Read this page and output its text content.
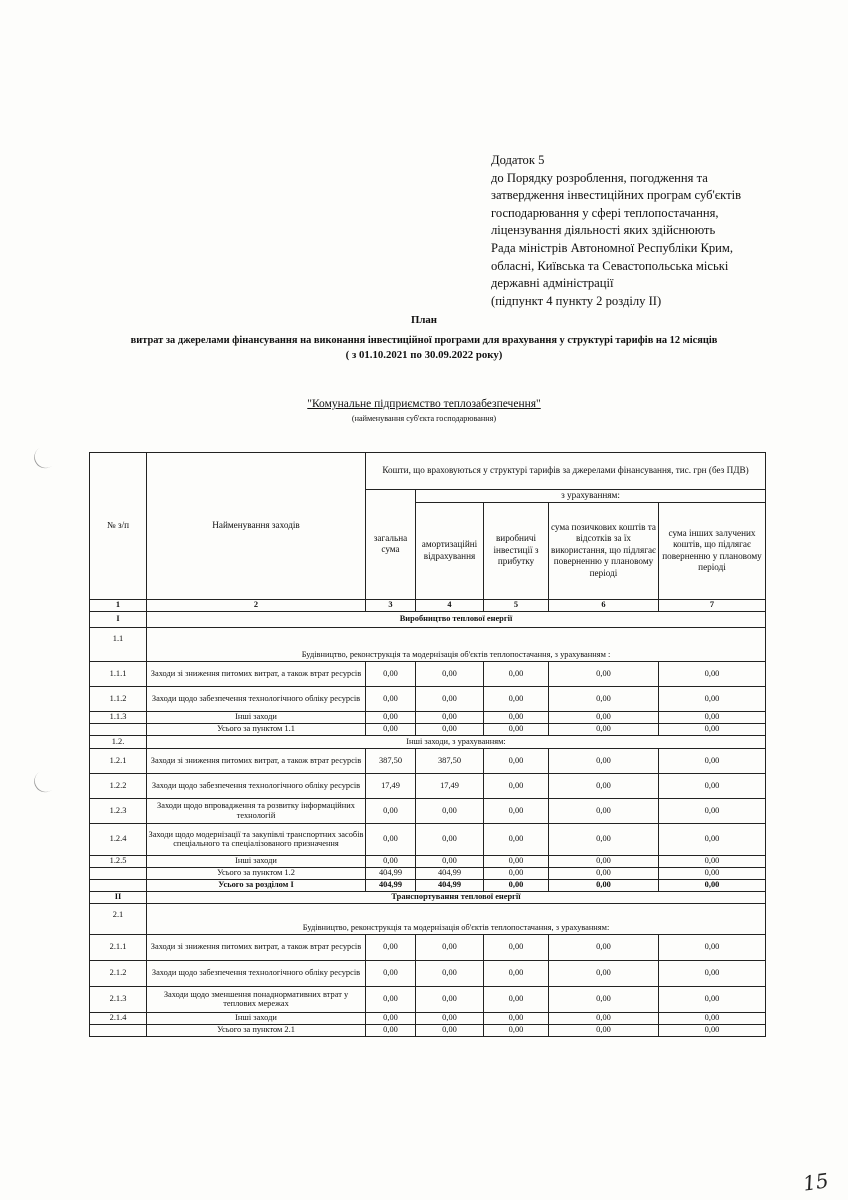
Додаток 5
до Порядку розроблення, погодження та
затвердження інвестиційних програм суб'єктів
господарювання у сфері теплопостачання,
ліцензування діяльності яких здійснюють
Рада міністрів Автономної Республіки Крим,
обласні, Київська та Севастопольська міські
державні адміністрації
(підпункт 4 пункту 2 розділу II)
План
витрат за джерелами фінансування на виконання інвестиційної програми для врахування у структурі тарифів на 12 місяців
( з 01.10.2021 по 30.09.2022 року)
"Комунальне підприємство теплозабезпечення"
(найменування суб'єкта господарювання)
№ з/п	Найменування заходів	Кошти, що враховуються у структурі тарифів за джерелами фінансування, тис. грн (без ПДВ)				
		загальна сума	з урахуванням:			
			амортизаційні відрахування	виробничі інвестиції з прибутку	сума позичкових коштів та відсотків за їх використання, що підлягає поверненню у плановому періоді	сума інших залучених коштів, що підлягає поверненню у плановому періоді
1	2	3	4	5	6	7
I	Виробництво теплової енергії					
1.1	Будівництво, реконструкція та модернізація об'єктів теплопостачання, з урахуванням :					
1.1.1	Заходи зі зниження питомих витрат, а також втрат ресурсів	0,00	0,00	0,00	0,00	0,00
1.1.2	Заходи щодо забезпечення технологічного обліку ресурсів	0,00	0,00	0,00	0,00	0,00
1.1.3	Інші заходи	0,00	0,00	0,00	0,00	0,00
	Усього за пунктом 1.1	0,00	0,00	0,00	0,00	0,00
1.2.	Інші заходи, з урахуванням:					
1.2.1	Заходи зі зниження питомих витрат, а також втрат ресурсів	387,50	387,50	0,00	0,00	0,00
1.2.2	Заходи щодо забезпечення технологічного обліку ресурсів	17,49	17,49	0,00	0,00	0,00
1.2.3	Заходи щодо впровадження та розвитку інформаційних технологій	0,00	0,00	0,00	0,00	0,00
1.2.4	Заходи щодо модернізації та закупівлі транспортних засобів спеціального та спеціалізованого призначення	0,00	0,00	0,00	0,00	0,00
1.2.5	Інші заходи	0,00	0,00	0,00	0,00	0,00
	Усього за пунктом 1.2	404,99	404,99	0,00	0,00	0,00
	Усього за розділом I	404,99	404,99	0,00	0,00	0,00
II	Транспортування теплової енергії					
2.1	Будівництво, реконструкція та модернізація об'єктів теплопостачання, з урахуванням:					
2.1.1	Заходи зі зниження питомих витрат, а також втрат ресурсів	0,00	0,00	0,00	0,00	0,00
2.1.2	Заходи щодо забезпечення технологічного обліку ресурсів	0,00	0,00	0,00	0,00	0,00
2.1.3	Заходи щодо зменшення понаднормативних втрат у теплових мережах	0,00	0,00	0,00	0,00	0,00
2.1.4	Інші заходи	0,00	0,00	0,00	0,00	0,00
	Усього за пунктом 2.1	0,00	0,00	0,00	0,00	0,00
15
